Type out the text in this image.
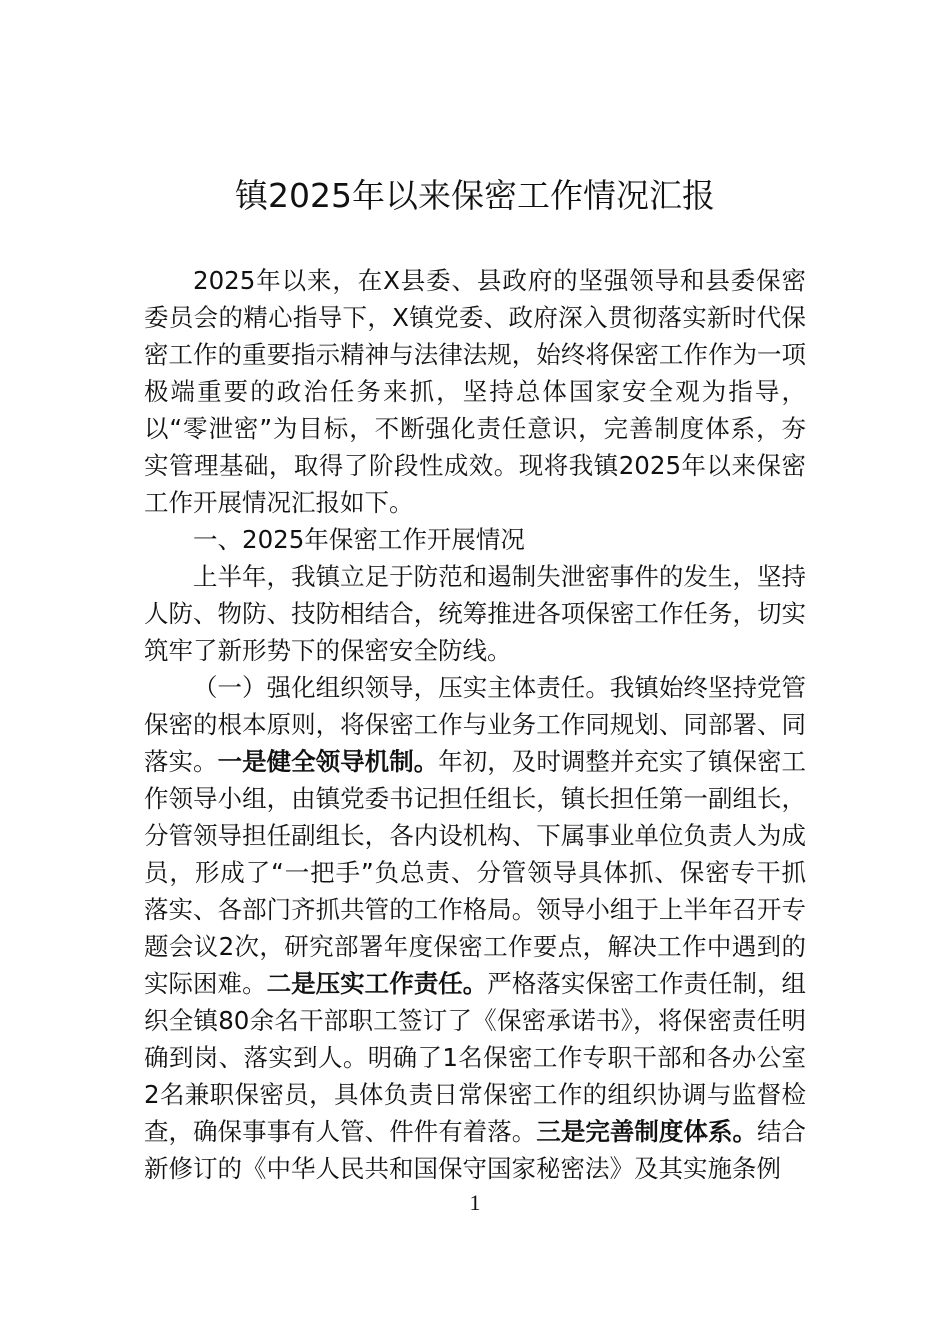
镇2025年以来保密工作情况汇报

2025年以来，在X县委、县政府的坚强领导和县委保密委员会的精心指导下，X镇党委、政府深入贯彻落实新时代保密工作的重要指示精神与法律法规，始终将保密工作作为一项极端重要的政治任务来抓，坚持总体国家安全观为指导，以“零泄密”为目标，不断强化责任意识，完善制度体系，夯实管理基础，取得了阶段性成效。现将我镇2025年以来保密工作开展情况汇报如下。

一、2025年保密工作开展情况

上半年，我镇立足于防范和遏制失泄密事件的发生，坚持人防、物防、技防相结合，统筹推进各项保密工作任务，切实筑牢了新形势下的保密安全防线。

（一）强化组织领导，压实主体责任。我镇始终坚持党管保密的根本原则，将保密工作与业务工作同规划、同部署、同落实。一是健全领导机制。年初，及时调整并充实了镇保密工作领导小组，由镇党委书记担任组长，镇长担任第一副组长，分管领导担任副组长，各内设机构、下属事业单位负责人为成员，形成了“一把手”负总责、分管领导具体抓、保密专干抓落实、各部门齐抓共管的工作格局。领导小组于上半年召开专题会议2次，研究部署年度保密工作要点，解决工作中遇到的实际困难。二是压实工作责任。严格落实保密工作责任制，组织全镇80余名干部职工签订了《保密承诺书》，将保密责任明确到岗、落实到人。明确了1名保密工作专职干部和各办公室2名兼职保密员，具体负责日常保密工作的组织协调与监督检查，确保事事有人管、件件有着落。三是完善制度体系。结合新修订的《中华人民共和国保守国家秘密法》及其实施条例

1
